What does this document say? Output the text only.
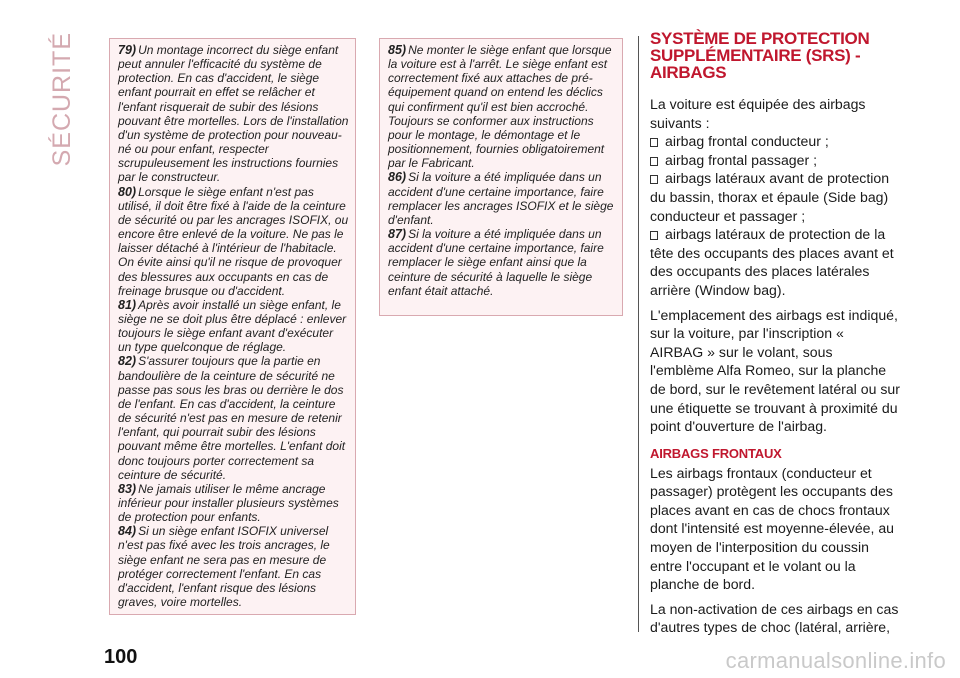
SÉCURITÉ	79) Un montage incorrect du siège enfant peut annuler l'efficacité du système de protection. En cas d'accident, le siège enfant pourrait en effet se relâcher et l'enfant risquerait de subir des lésions pouvant être mortelles. Lors de l'installation d'un système de protection pour nouveau-né ou pour enfant, respecter scrupuleusement les instructions fournies par le constructeur.

80) Lorsque le siège enfant n'est pas utilisé, il doit être fixé à l'aide de la ceinture de sécurité ou par les ancrages ISOFIX, ou encore être enlevé de la voiture. Ne pas le laisser détaché à l'intérieur de l'habitacle. On évite ainsi qu'il ne risque de provoquer des blessures aux occupants en cas de freinage brusque ou d'accident.

81) Après avoir installé un siège enfant, le siège ne se doit plus être déplacé : enlever toujours le siège enfant avant d'exécuter un type quelconque de réglage.

82) S'assurer toujours que la partie en bandoulière de la ceinture de sécurité ne passe pas sous les bras ou derrière le dos de l'enfant. En cas d'accident, la ceinture de sécurité n'est pas en mesure de retenir l'enfant, qui pourrait subir des lésions pouvant même être mortelles. L'enfant doit donc toujours porter correctement sa ceinture de sécurité.

83) Ne jamais utiliser le même ancrage inférieur pour installer plusieurs systèmes de protection pour enfants.

84) Si un siège enfant ISOFIX universel n'est pas fixé avec les trois ancrages, le siège enfant ne sera pas en mesure de protéger correctement l'enfant. En cas d'accident, l'enfant risque des lésions graves, voire mortelles.

85) Ne monter le siège enfant que lorsque la voiture est à l'arrêt. Le siège enfant est correctement fixé aux attaches de pré-équipement quand on entend les déclics qui confirment qu'il est bien accroché. Toujours se conformer aux instructions pour le montage, le démontage et le positionnement, fournies obligatoirement par le Fabricant.

86) Si la voiture a été impliquée dans un accident d'une certaine importance, faire remplacer les ancrages ISOFIX et le siège d'enfant.

87) Si la voiture a été impliquée dans un accident d'une certaine importance, faire remplacer le siège enfant ainsi que la ceinture de sécurité à laquelle le siège enfant était attaché.

SYSTÈME DE PROTECTION SUPPLÉMENTAIRE (SRS) - AIRBAGS

La voiture est équipée des airbags suivants :

airbag frontal conducteur ;
airbag frontal passager ;
airbags latéraux avant de protection du bassin, thorax et épaule (Side bag) conducteur et passager ;
airbags latéraux de protection de la tête des occupants des places avant et des occupants des places latérales arrière (Window bag).

L'emplacement des airbags est indiqué, sur la voiture, par l'inscription « AIRBAG » sur le volant, sous l'emblème Alfa Romeo, sur la planche de bord, sur le revêtement latéral ou sur une étiquette se trouvant à proximité du point d'ouverture de l'airbag.

AIRBAGS FRONTAUX

Les airbags frontaux (conducteur et passager) protègent les occupants des places avant en cas de chocs frontaux dont l'intensité est moyenne-élevée, au moyen de l'interposition du coussin entre l'occupant et le volant ou la planche de bord.

La non-activation de ces airbags en cas d'autres types de choc (latéral, arrière,

100	carmanualsonline.info
